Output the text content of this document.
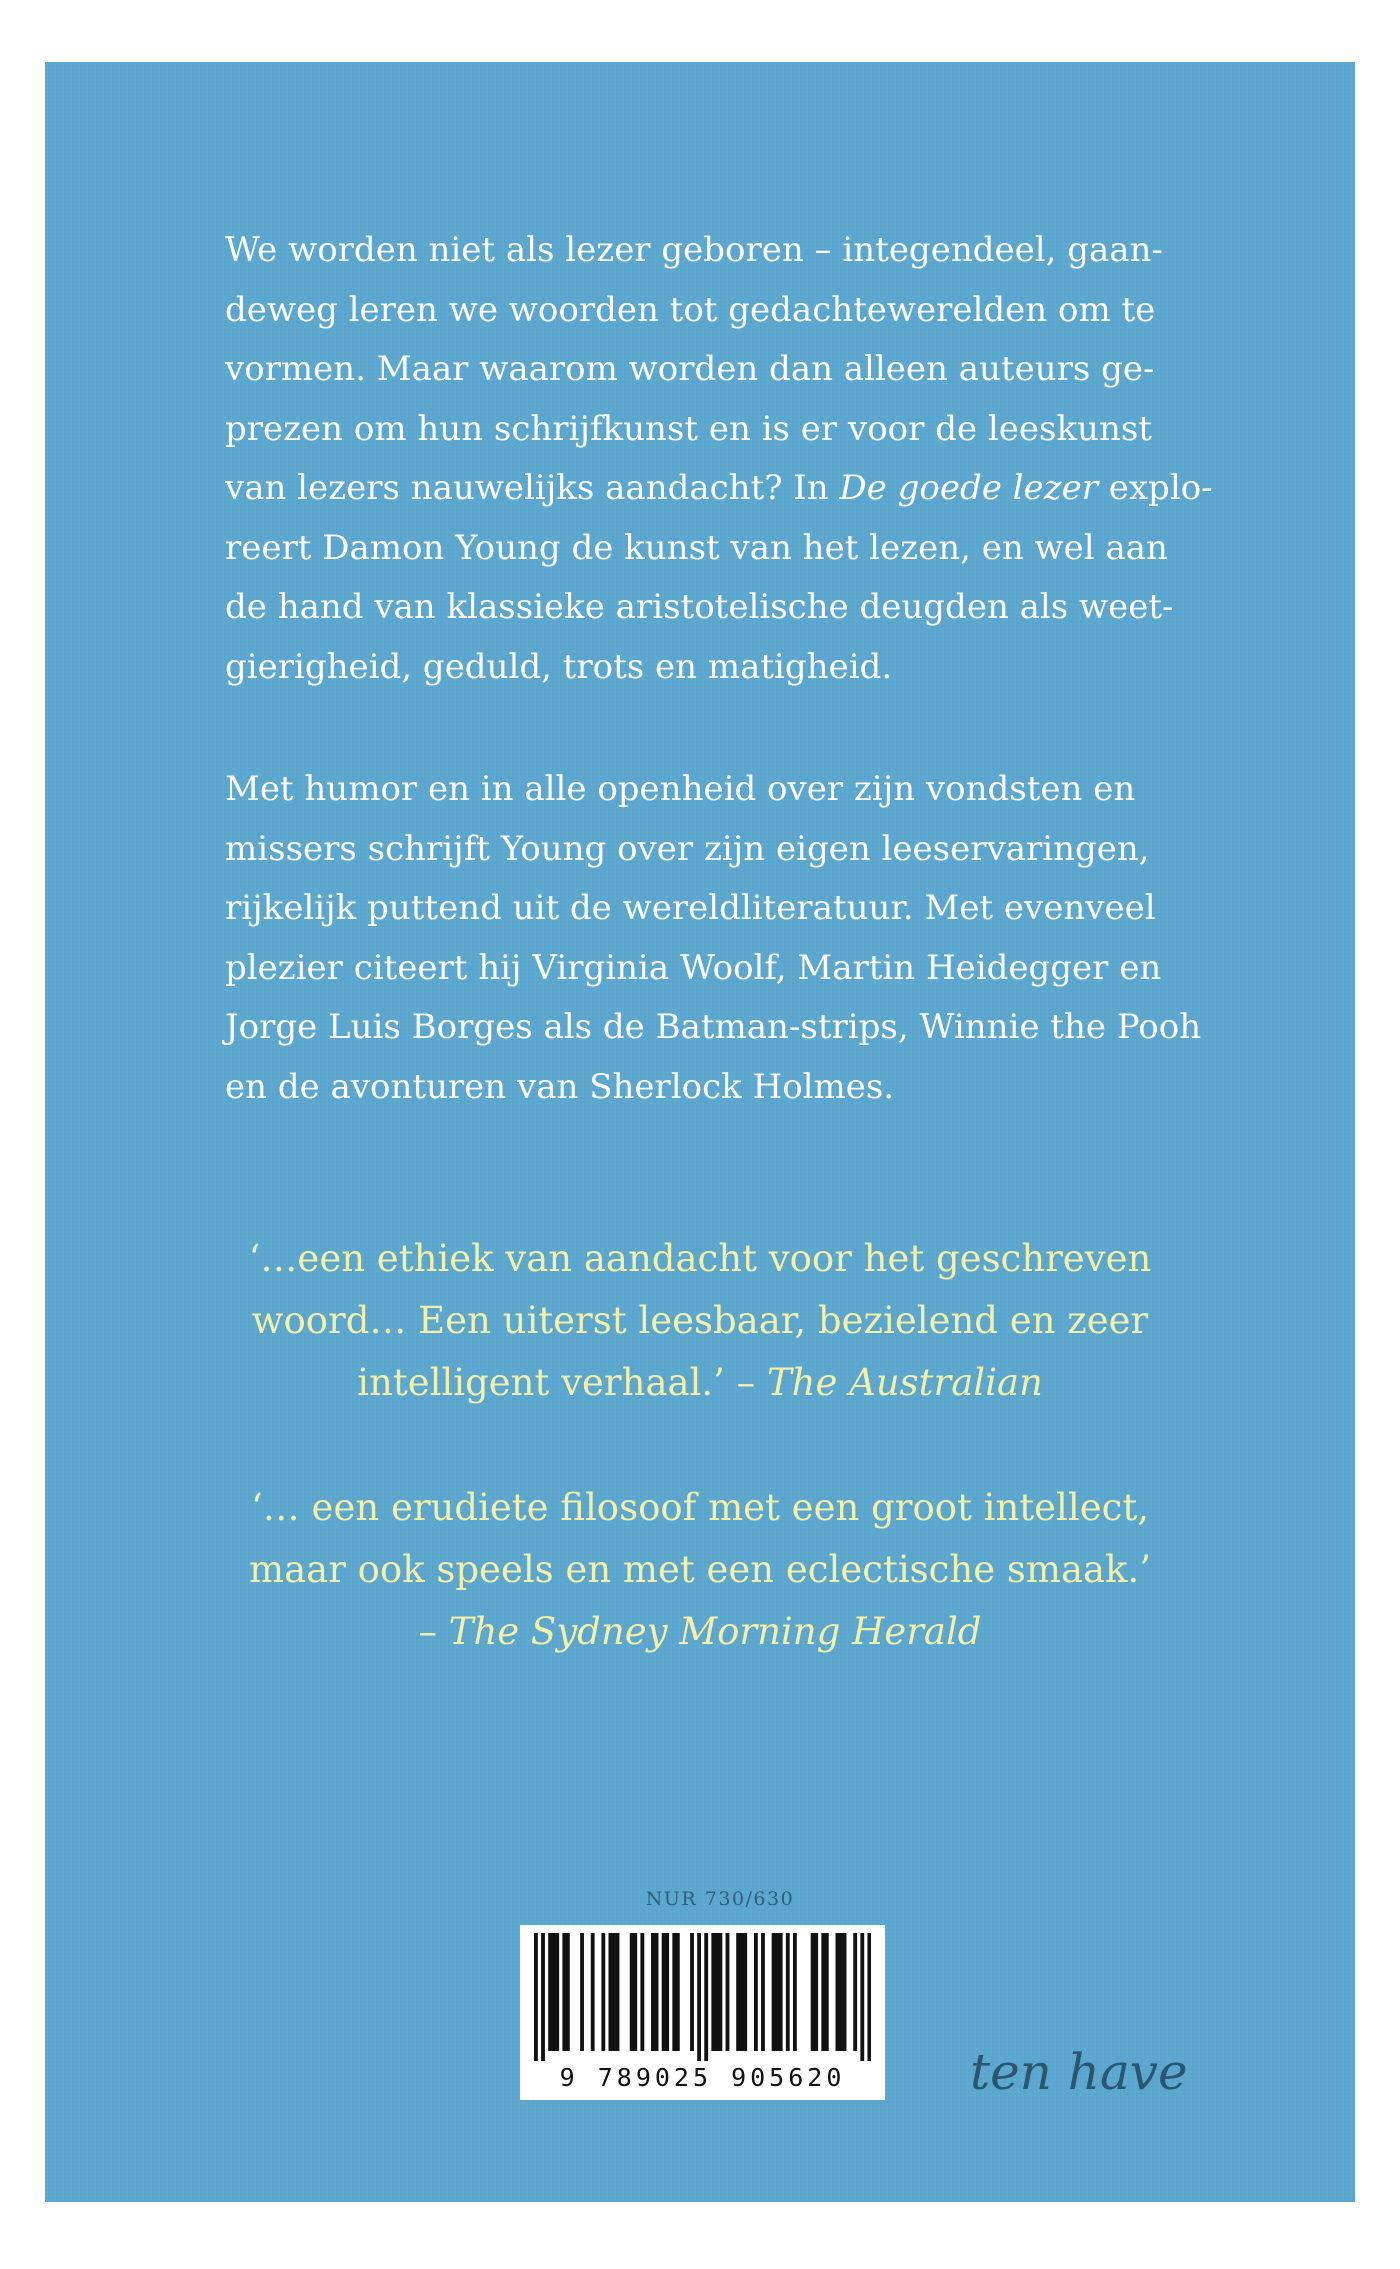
We worden niet als lezer geboren – integendeel, gaan-
deweg leren we woorden tot gedachtewerelden om te
vormen. Maar waarom worden dan alleen auteurs ge-
prezen om hun schrijfkunst en is er voor de leeskunst
van lezers nauwelijks aandacht? In De goede lezer explo-
reert Damon Young de kunst van het lezen, en wel aan
de hand van klassieke aristotelische deugden als weet-
gierigheid, geduld, trots en matigheid.

Met humor en in alle openheid over zijn vondsten en
missers schrijft Young over zijn eigen leeservaringen,
rijkelijk puttend uit de wereldliteratuur. Met evenveel
plezier citeert hij Virginia Woolf, Martin Heidegger en
Jorge Luis Borges als de Batman-strips, Winnie the Pooh
en de avonturen van Sherlock Holmes.

‘…een ethiek van aandacht voor het geschreven
woord… Een uiterst leesbaar, bezielend en zeer
intelligent verhaal.’ – The Australian

‘… een erudiete filosoof met een groot intellect,
maar ook speels en met een eclectische smaak.’
– The Sydney Morning Herald

NUR 730/630
9 789025 905620	ten have
